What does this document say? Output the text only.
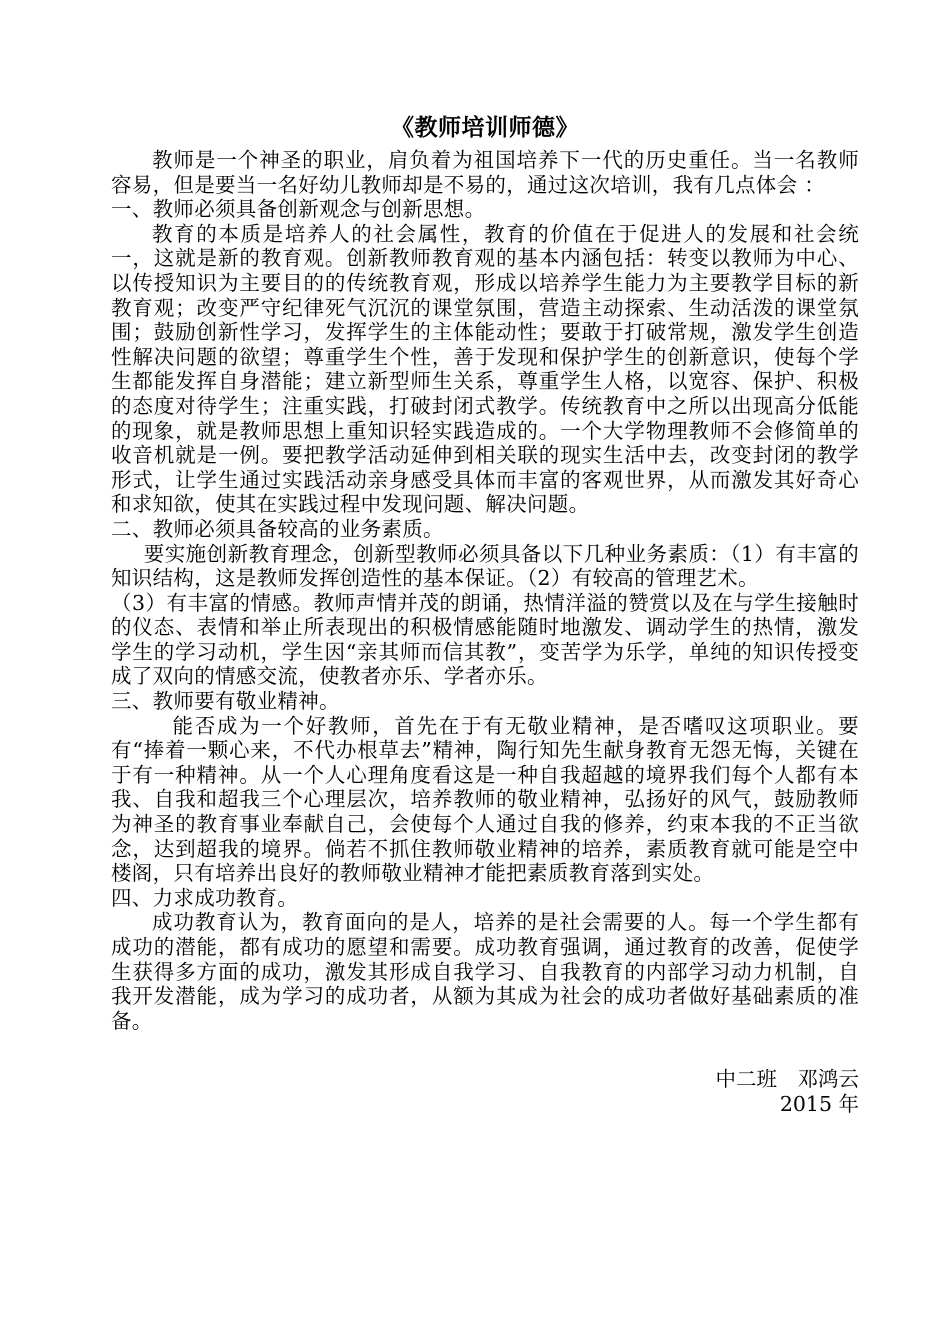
《教师培训师德》

教师是一个神圣的职业，肩负着为祖国培养下一代的历史重任。当一名教师容易，但是要当一名好幼儿教师却是不易的，通过这次培训，我有几点体会 ：

一、教师必须具备创新观念与创新思想。

教育的本质是培养人的社会属性，教育的价值在于促进人的发展和社会统一，这就是新的教育观。创新教师教育观的基本内涵包括：转变以教师为中心、以传授知识为主要目的的传统教育观，形成以培养学生能力为主要教学目标的新教育观；改变严守纪律死气沉沉的课堂氛围，营造主动探索、生动活泼的课堂氛围；鼓励创新性学习，发挥学生的主体能动性；要敢于打破常规，激发学生创造性解决问题的欲望；尊重学生个性，善于发现和保护学生的创新意识，使每个学生都能发挥自身潜能；建立新型师生关系，尊重学生人格，以宽容、保护、积极的态度对待学生；注重实践，打破封闭式教学。传统教育中之所以出现高分低能的现象，就是教师思想上重知识轻实践造成的。一个大学物理教师不会修简单的收音机就是一例。要把教学活动延伸到相关联的现实生活中去，改变封闭的教学形式，让学生通过实践活动亲身感受具体而丰富的客观世界，从而激发其好奇心和求知欲，使其在实践过程中发现问题、解决问题。

二、教师必须具备较高的业务素质。

要实施创新教育理念，创新型教师必须具备以下几种业务素质：（1）有丰富的知识结构，这是教师发挥创造性的基本保证。（2）有较高的管理艺术。

（3）有丰富的情感。教师声情并茂的朗诵，热情洋溢的赞赏以及在与学生接触时的仪态、表情和举止所表现出的积极情感能随时地激发、调动学生的热情，激发学生的学习动机，学生因“亲其师而信其教”，变苦学为乐学，单纯的知识传授变成了双向的情感交流，使教者亦乐、学者亦乐。

三、教师要有敬业精神。

能否成为一个好教师，首先在于有无敬业精神，是否嗜叹这项职业。要有“捧着一颗心来，不代办根草去”精神，陶行知先生献身教育无怨无悔，关键在于有一种精神。从一个人心理角度看这是一种自我超越的境界我们每个人都有本我、自我和超我三个心理层次，培养教师的敬业精神，弘扬好的风气，鼓励教师为神圣的教育事业奉献自己，会使每个人通过自我的修养，约束本我的不正当欲念，达到超我的境界。倘若不抓住教师敬业精神的培养，素质教育就可能是空中楼阁，只有培养出良好的教师敬业精神才能把素质教育落到实处。

四、力求成功教育。

成功教育认为，教育面向的是人，培养的是社会需要的人。每一个学生都有成功的潜能，都有成功的愿望和需要。成功教育强调，通过教育的改善，促使学生获得多方面的成功，激发其形成自我学习、自我教育的内部学习动力机制，自我开发潜能，成为学习的成功者，从额为其成为社会的成功者做好基础素质的准备。

中二班　邓鸿云
2015 年
